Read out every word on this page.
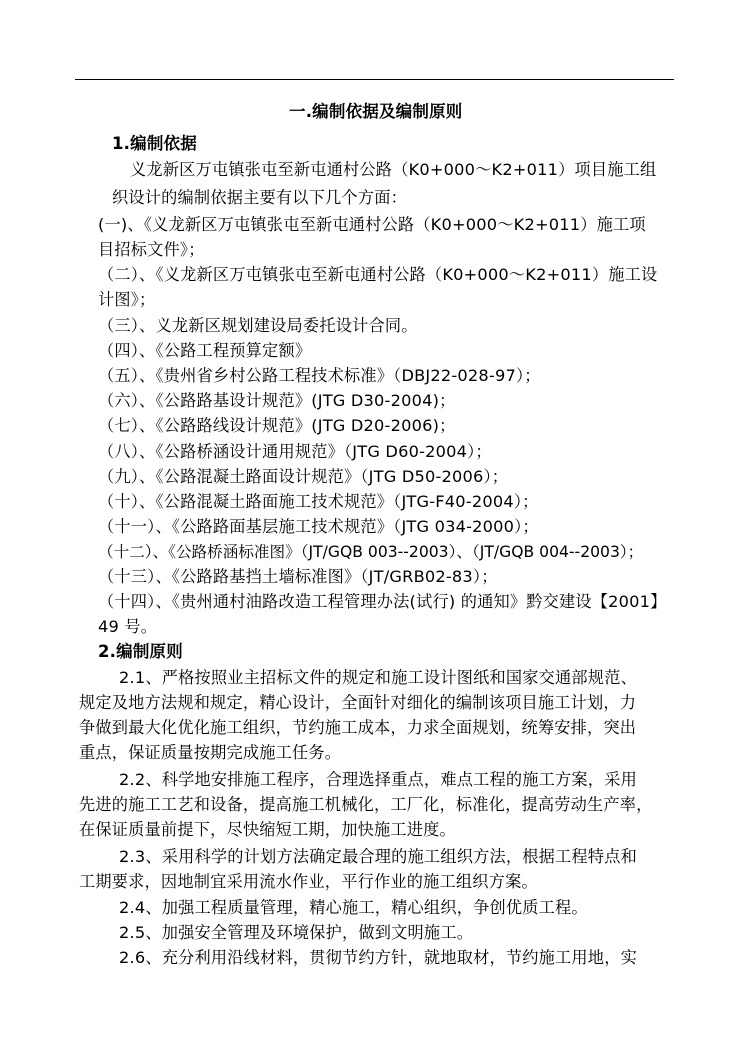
一.编制依据及编制原则
1.编制依据
义龙新区万屯镇张屯至新屯通村公路（K0+000～K2+011）项目施工组
织设计的编制依据主要有以下几个方面：
(一)、《义龙新区万屯镇张屯至新屯通村公路（K0+000～K2+011）施工项
目招标文件》；
（二）、《义龙新区万屯镇张屯至新屯通村公路（K0+000～K2+011）施工设
计图》；
（三）、义龙新区规划建设局委托设计合同。
（四）、《公路工程预算定额》
（五）、《贵州省乡村公路工程技术标准》（DBJ22-028-97）；
（六）、《公路路基设计规范》(JTG D30-2004)；
（七）、《公路路线设计规范》(JTG D20-2006)；
（八）、《公路桥涵设计通用规范》（JTG D60-2004）；
（九）、《公路混凝土路面设计规范》（JTG D50-2006）；
（十）、《公路混凝土路面施工技术规范》（JTG-F40-2004）；
（十一）、《公路路面基层施工技术规范》（JTG 034-2000）；
（十二）、《公路桥涵标准图》（JT/GQB 003--2003）、（JT/GQB 004--2003）；
（十三）、《公路路基挡土墙标准图》（JT/GRB02-83）；
（十四）、《贵州通村油路改造工程管理办法(试行) 的通知》黔交建设【2001】
49 号。
2.编制原则
2.1、严格按照业主招标文件的规定和施工设计图纸和国家交通部规范、
规定及地方法规和规定，精心设计，全面针对细化的编制该项目施工计划，力
争做到最大化优化施工组织，节约施工成本，力求全面规划，统筹安排，突出
重点，保证质量按期完成施工任务。
2.2、科学地安排施工程序，合理选择重点，难点工程的施工方案，采用
先进的施工工艺和设备，提高施工机械化，工厂化，标准化，提高劳动生产率，
在保证质量前提下，尽快缩短工期，加快施工进度。
2.3、采用科学的计划方法确定最合理的施工组织方法，根据工程特点和
工期要求，因地制宜采用流水作业，平行作业的施工组织方案。
2.4、加强工程质量管理，精心施工，精心组织，争创优质工程。
2.5、加强安全管理及环境保护，做到文明施工。
2.6、充分利用沿线材料，贯彻节约方针，就地取材，节约施工用地，实
